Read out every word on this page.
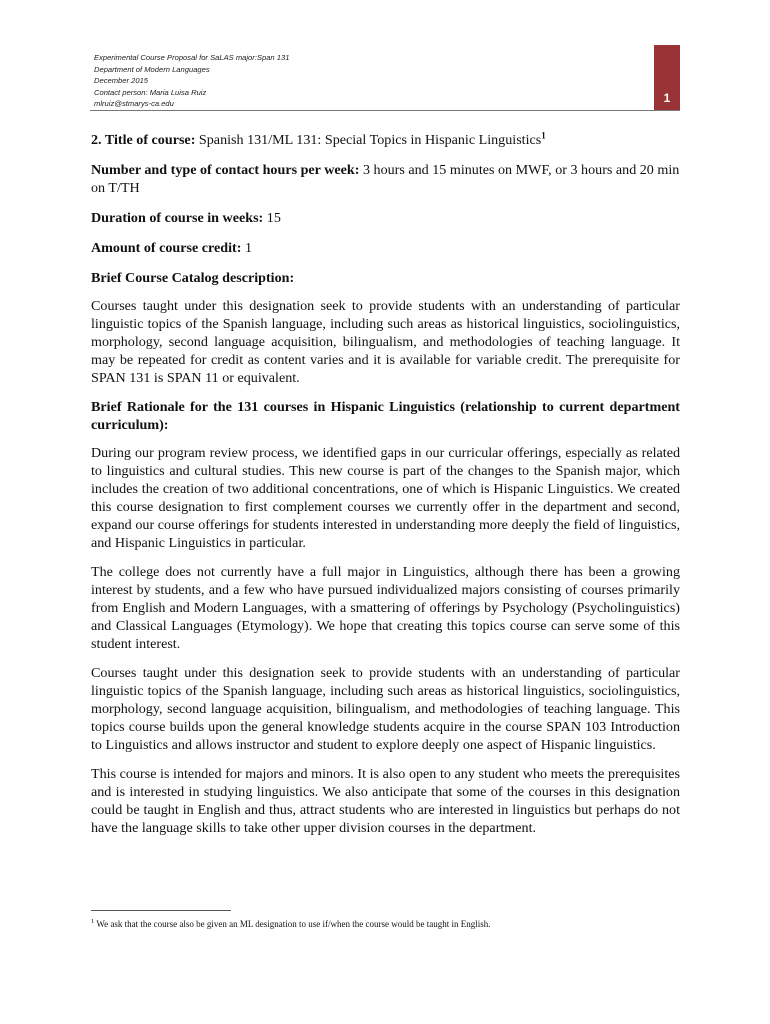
Experimental Course Proposal for SaLAS major:Span 131
Department of Modern Languages
December 2015
Contact person: Maria Luisa Ruiz
mlruiz@stmarys-ca.edu	1

2. Title of course: Spanish 131/ML 131: Special Topics in Hispanic Linguistics$^1$

Number and type of contact hours per week: 3 hours and 15 minutes on MWF, or 3 hours and 20 min on T/TH

Duration of course in weeks: 15

Amount of course credit: 1

Brief Course Catalog description:

Courses taught under this designation seek to provide students with an understanding of particular linguistic topics of the Spanish language, including such areas as historical linguistics, sociolinguistics, morphology, second language acquisition, bilingualism, and methodologies of teaching language. It may be repeated for credit as content varies and it is available for variable credit. The prerequisite for SPAN 131 is SPAN 11 or equivalent.

Brief Rationale for the 131 courses in Hispanic Linguistics (relationship to current department curriculum):

During our program review process, we identified gaps in our curricular offerings, especially as related to linguistics and cultural studies. This new course is part of the changes to the Spanish major, which includes the creation of two additional concentrations, one of which is Hispanic Linguistics. We created this course designation to first complement courses we currently offer in the department and second, expand our course offerings for students interested in understanding more deeply the field of linguistics, and Hispanic Linguistics in particular.

The college does not currently have a full major in Linguistics, although there has been a growing interest by students, and a few who have pursued individualized majors consisting of courses primarily from English and Modern Languages, with a smattering of offerings by Psychology (Psycholinguistics) and Classical Languages (Etymology). We hope that creating this topics course can serve some of this student interest.

Courses taught under this designation seek to provide students with an understanding of particular linguistic topics of the Spanish language, including such areas as historical linguistics, sociolinguistics, morphology, second language acquisition, bilingualism, and methodologies of teaching language. This topics course builds upon the general knowledge students acquire in the course SPAN 103 Introduction to Linguistics and allows instructor and student to explore deeply one aspect of Hispanic linguistics.

This course is intended for majors and minors. It is also open to any student who meets the prerequisites and is interested in studying linguistics. We also anticipate that some of the courses in this designation could be taught in English and thus, attract students who are interested in linguistics but perhaps do not have the language skills to take other upper division courses in the department.

$^1$ We ask that the course also be given an ML designation to use if/when the course would be taught in English.
